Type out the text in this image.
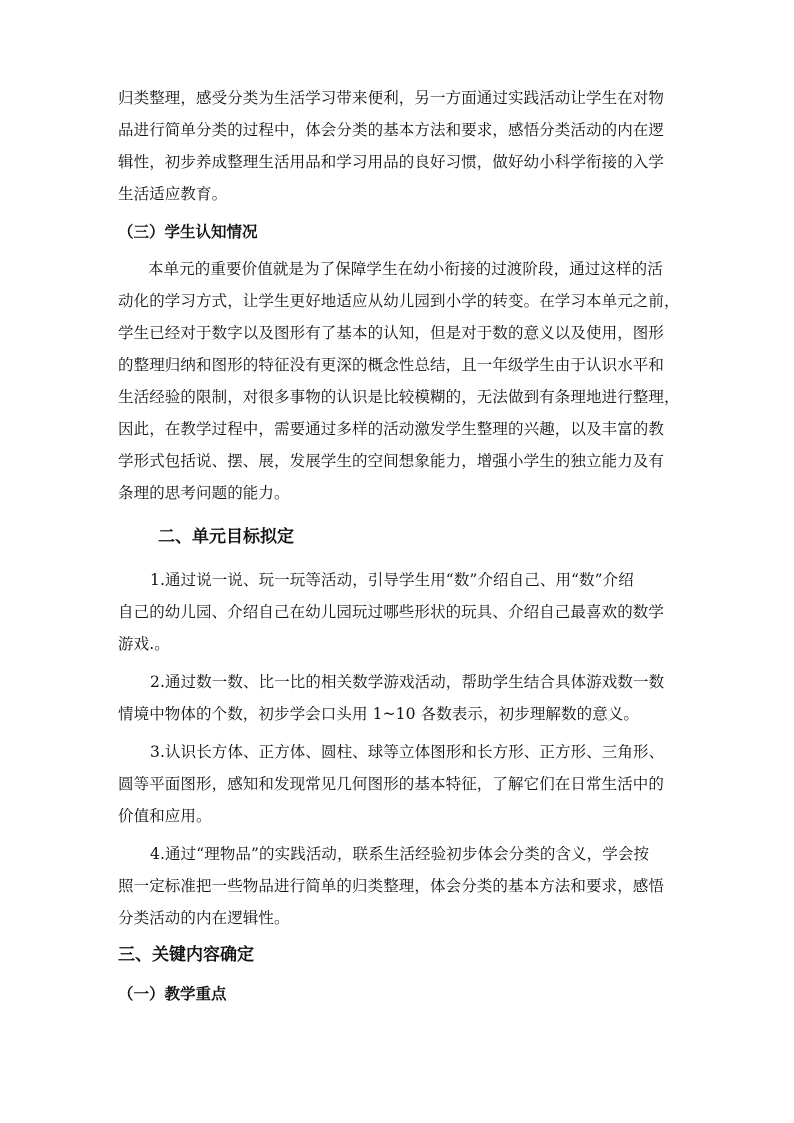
归类整理，感受分类为生活学习带来便利，另一方面通过实践活动让学生在对物
品进行简单分类的过程中，体会分类的基本方法和要求，感悟分类活动的内在逻
辑性，初步养成整理生活用品和学习用品的良好习惯，做好幼小科学衔接的入学
生活适应教育。
（三）学生认知情况
本单元的重要价值就是为了保障学生在幼小衔接的过渡阶段，通过这样的活
动化的学习方式，让学生更好地适应从幼儿园到小学的转变。在学习本单元之前，
学生已经对于数字以及图形有了基本的认知，但是对于数的意义以及使用，图形
的整理归纳和图形的特征没有更深的概念性总结，且一年级学生由于认识水平和
生活经验的限制，对很多事物的认识是比较模糊的，无法做到有条理地进行整理，
因此，在教学过程中，需要通过多样的活动激发学生整理的兴趣，以及丰富的教
学形式包括说、摆、展，发展学生的空间想象能力，增强小学生的独立能力及有
条理的思考问题的能力。
二、单元目标拟定
1.通过说一说、玩一玩等活动，引导学生用“数”介绍自己、用“数”介绍
自己的幼儿园、介绍自己在幼儿园玩过哪些形状的玩具、介绍自己最喜欢的数学
游戏.。
2.通过数一数、比一比的相关数学游戏活动，帮助学生结合具体游戏数一数
情境中物体的个数，初步学会口头用 1~10 各数表示，初步理解数的意义。
3.认识长方体、正方体、圆柱、球等立体图形和长方形、正方形、三角形、
圆等平面图形，感知和发现常见几何图形的基本特征，了解它们在日常生活中的
价值和应用。
4.通过“理物品”的实践活动，联系生活经验初步体会分类的含义，学会按
照一定标准把一些物品进行简单的归类整理，体会分类的基本方法和要求，感悟
分类活动的内在逻辑性。
三、关键内容确定
（一）教学重点
